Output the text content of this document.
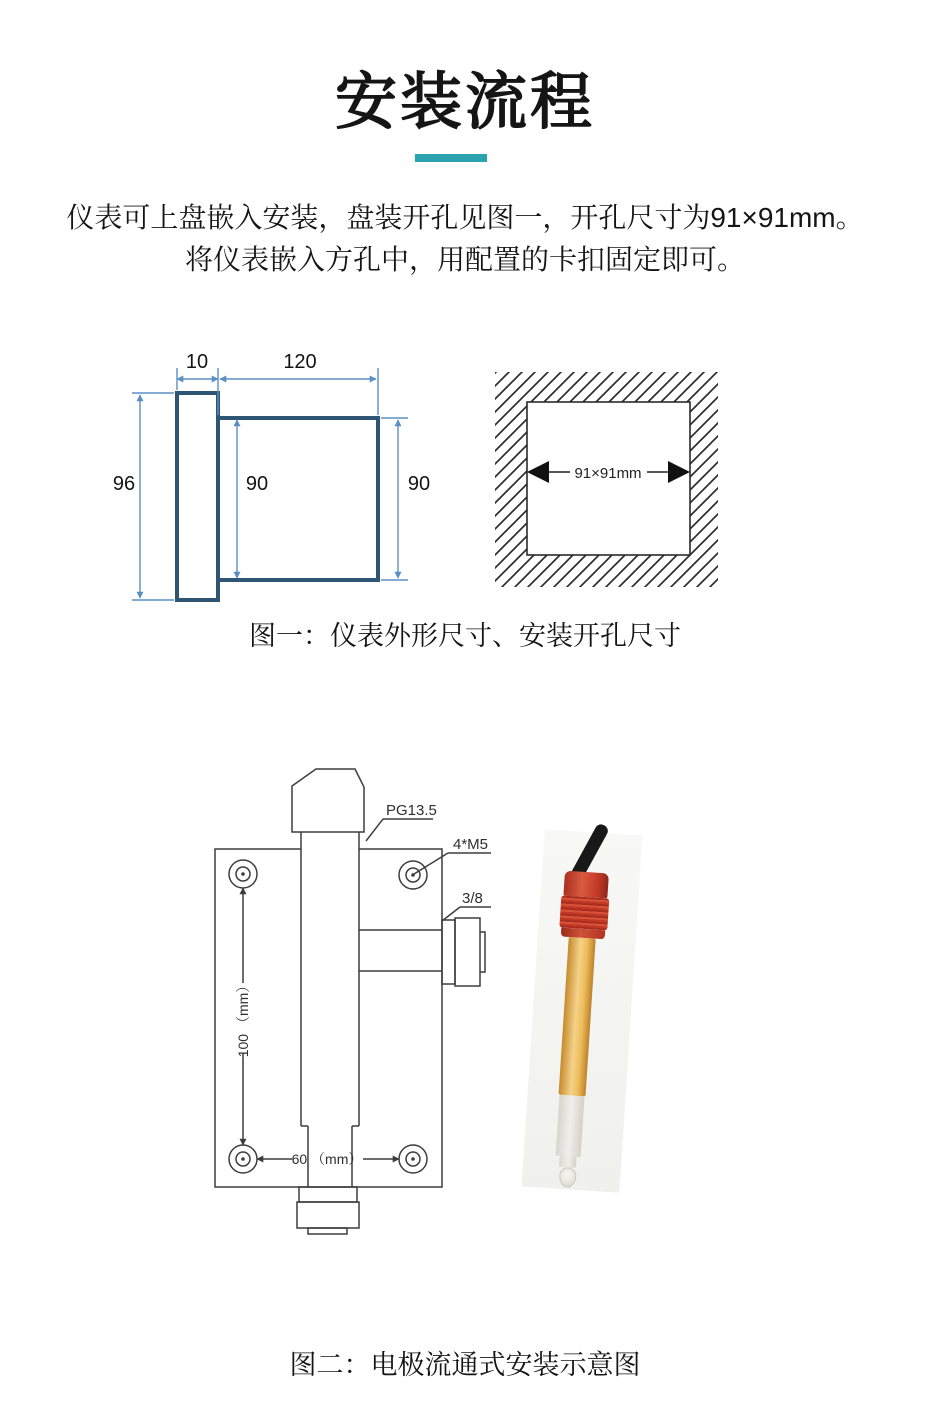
安装流程
仪表可上盘嵌入安装，盘装开孔见图一，开孔尺寸为91×91mm。
将仪表嵌入方孔中，用配置的卡扣固定即可。
10	120
96	90	90	91×91mm
图一：仪表外形尺寸、安装开孔尺寸
PG13.5
4*M5
3/8
100 （mm）
60 （mm）
图二：电极流通式安装示意图
